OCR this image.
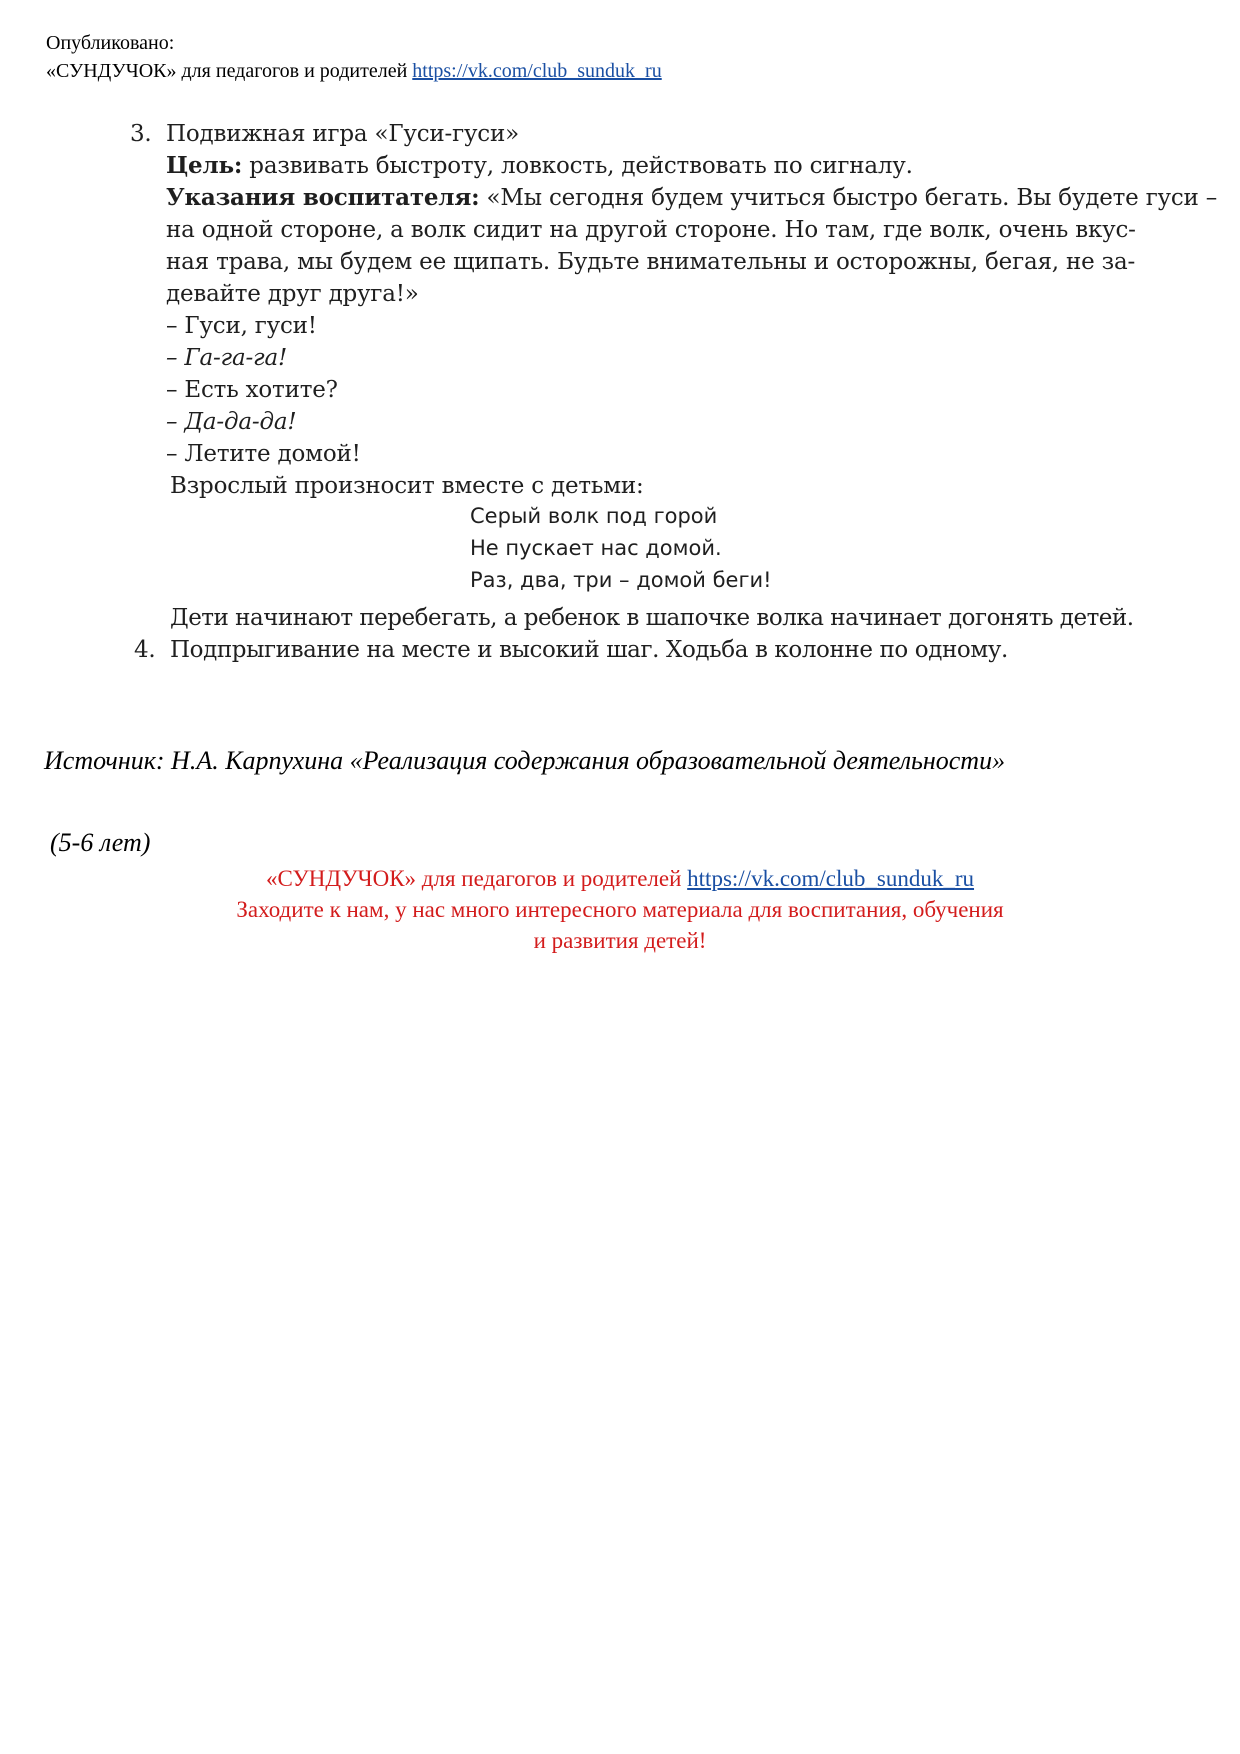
Опубликовано:
«СУНДУЧОК» для педагогов и родителей https://vk.com/club_sunduk_ru
3. Подвижная игра «Гуси-гуси»
Цель: развивать быстроту, ловкость, действовать по сигналу.
Указания воспитателя: «Мы сегодня будем учиться быстро бегать. Вы будете гуси –
на одной стороне, а волк сидит на другой стороне. Но там, где волк, очень вкус-
ная трава, мы будем ее щипать. Будьте внимательны и осторожны, бегая, не за-
девайте друг друга!»
– Гуси, гуси!
– Га-га-га!
– Есть хотите?
– Да-да-да!
– Летите домой!
Взрослый произносит вместе с детьми:
Серый волк под горой
Не пускает нас домой.
Раз, два, три – домой беги!
Дети начинают перебегать, а ребенок в шапочке волка начинает догонять детей.
4. Подпрыгивание на месте и высокий шаг. Ходьба в колонне по одному.
Источник: Н.А. Карпухина «Реализация содержания образовательной деятельности»
(5-6 лет)
«СУНДУЧОК» для педагогов и родителей https://vk.com/club_sunduk_ru
Заходите к нам, у нас много интересного материала для воспитания, обучения
и развития детей!
